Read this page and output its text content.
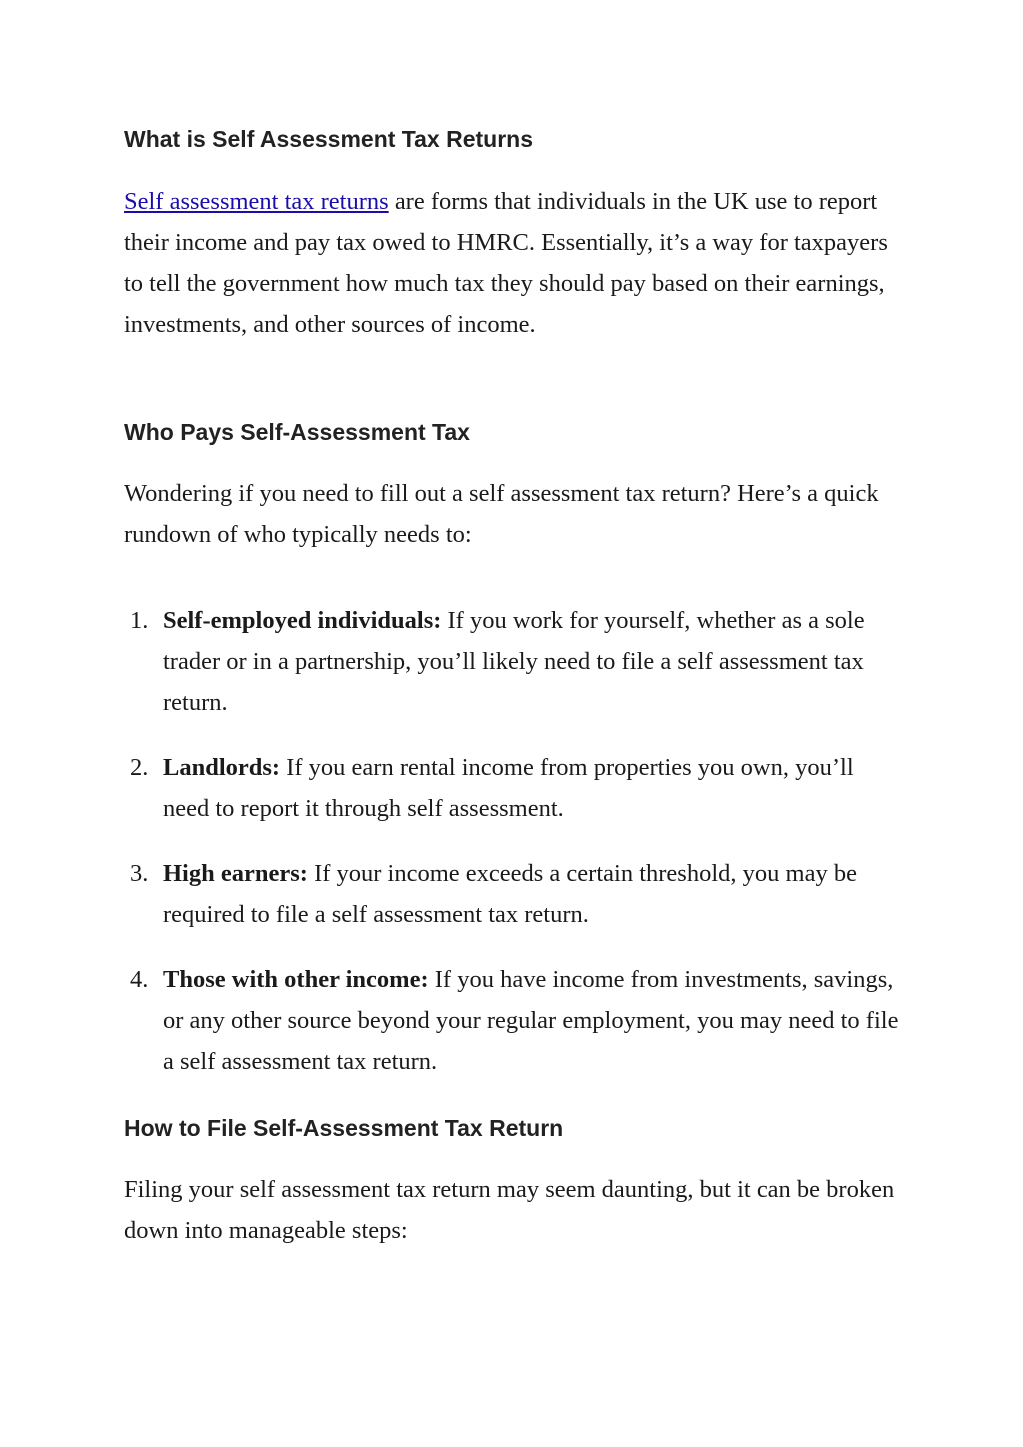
What is Self Assessment Tax Returns

Self assessment tax returns are forms that individuals in the UK use to report their income and pay tax owed to HMRC. Essentially, it’s a way for taxpayers to tell the government how much tax they should pay based on their earnings, investments, and other sources of income.

Who Pays Self-Assessment Tax

Wondering if you need to fill out a self assessment tax return? Here’s a quick rundown of who typically needs to:

1. Self-employed individuals: If you work for yourself, whether as a sole trader or in a partnership, you’ll likely need to file a self assessment tax return.
2. Landlords: If you earn rental income from properties you own, you’ll need to report it through self assessment.
3. High earners: If your income exceeds a certain threshold, you may be required to file a self assessment tax return.
4. Those with other income: If you have income from investments, savings, or any other source beyond your regular employment, you may need to file a self assessment tax return.
How to File Self-Assessment Tax Return

Filing your self assessment tax return may seem daunting, but it can be broken down into manageable steps:
